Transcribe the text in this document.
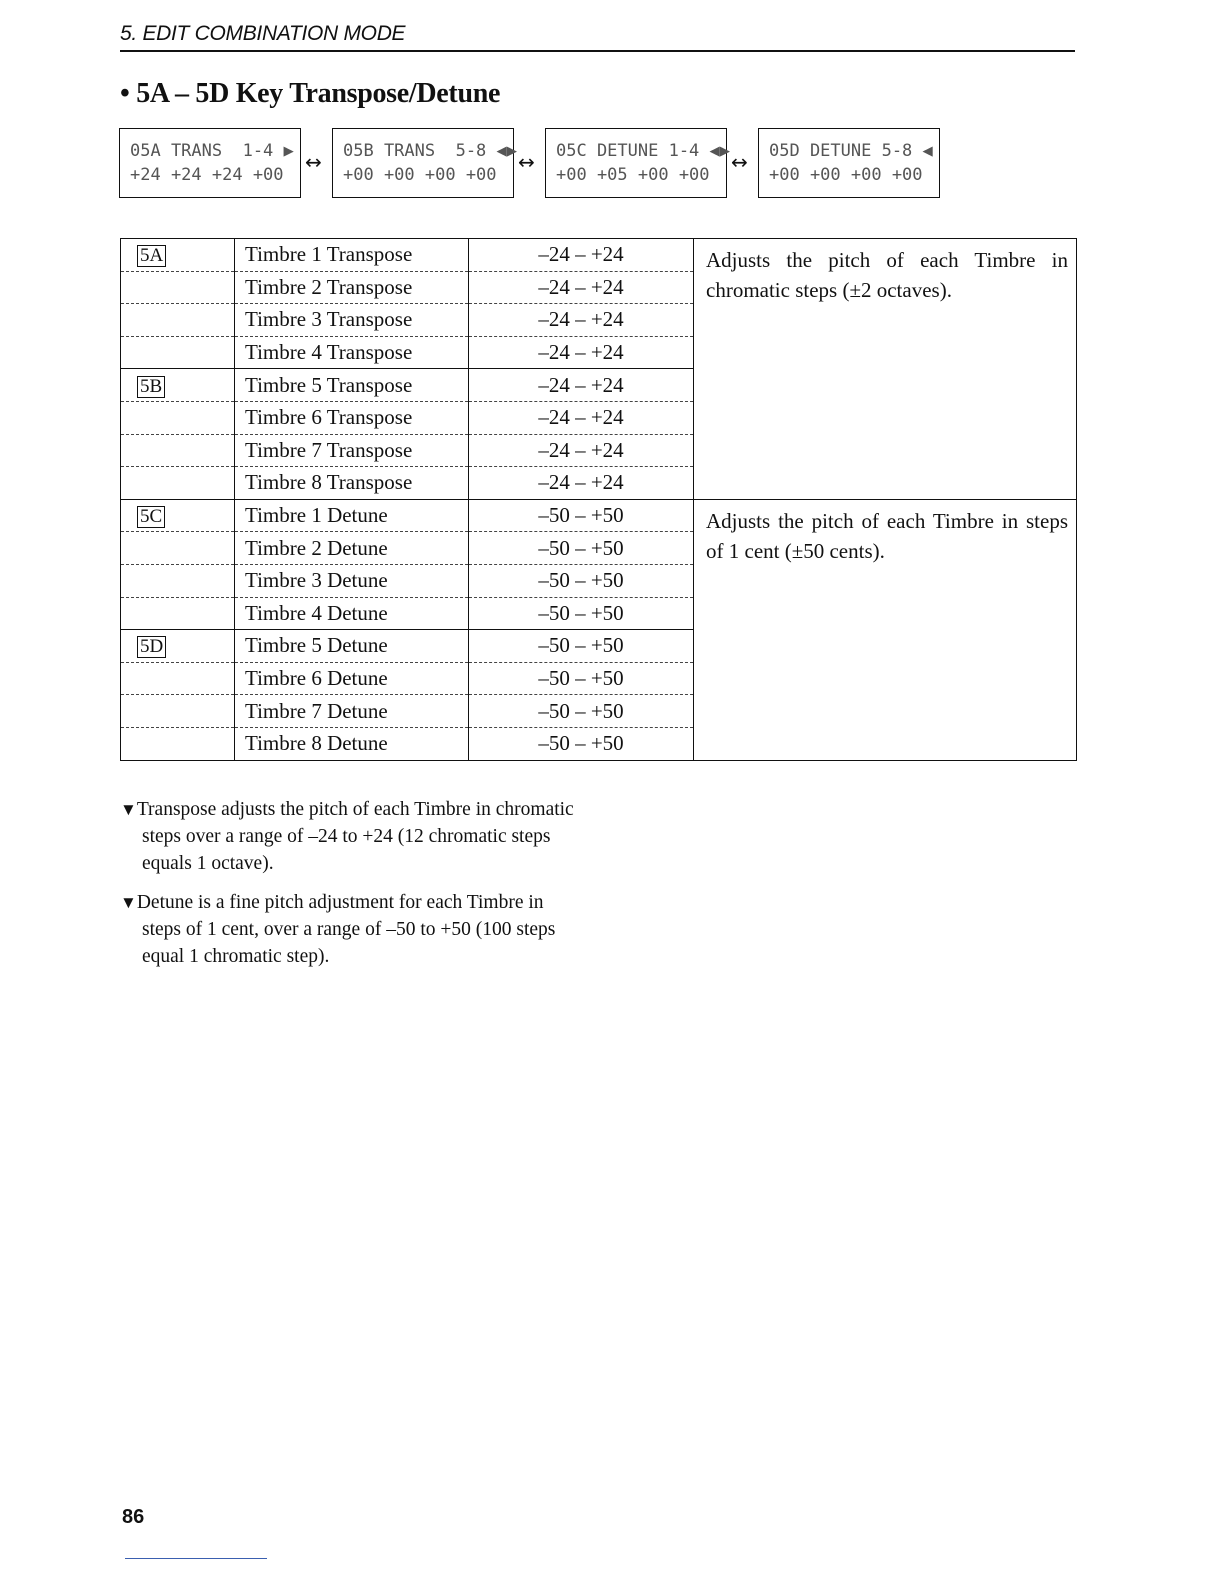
5. EDIT COMBINATION MODE
• 5A – 5D Key Transpose/Detune
05A TRANS  1-4 ▶
+24 +24 +24 +00
↔	05B TRANS  5-8 ◀▶
+00 +00 +00 +00
↔	05C DETUNE 1-4 ◀▶
+00 +05 +00 +00
↔	05D DETUNE 5-8 ◀
+00 +00 +00 +00
5A	Timbre 1 Transpose	–24 – +24	Adjusts the pitch of each Timbre in chromatic steps (±2 octaves).
	Timbre 2 Transpose	–24 – +24	
	Timbre 3 Transpose	–24 – +24	
	Timbre 4 Transpose	–24 – +24	
5B	Timbre 5 Transpose	–24 – +24	
	Timbre 6 Transpose	–24 – +24	
	Timbre 7 Transpose	–24 – +24	
	Timbre 8 Transpose	–24 – +24	
5C	Timbre 1 Detune	–50 – +50	Adjusts the pitch of each Timbre in steps of 1 cent (±50 cents).
	Timbre 2 Detune	–50 – +50	
	Timbre 3 Detune	–50 – +50	
	Timbre 4 Detune	–50 – +50	
5D	Timbre 5 Detune	–50 – +50	
	Timbre 6 Detune	–50 – +50	
	Timbre 7 Detune	–50 – +50	
	Timbre 8 Detune	–50 – +50	
▼Transpose adjusts the pitch of each Timbre in chromatic steps over a range of –24 to +24 (12 chromatic steps equals 1 octave).
▼Detune is a fine pitch adjustment for each Timbre in steps of 1 cent, over a range of –50 to +50 (100 steps equal 1 chromatic step).
86
